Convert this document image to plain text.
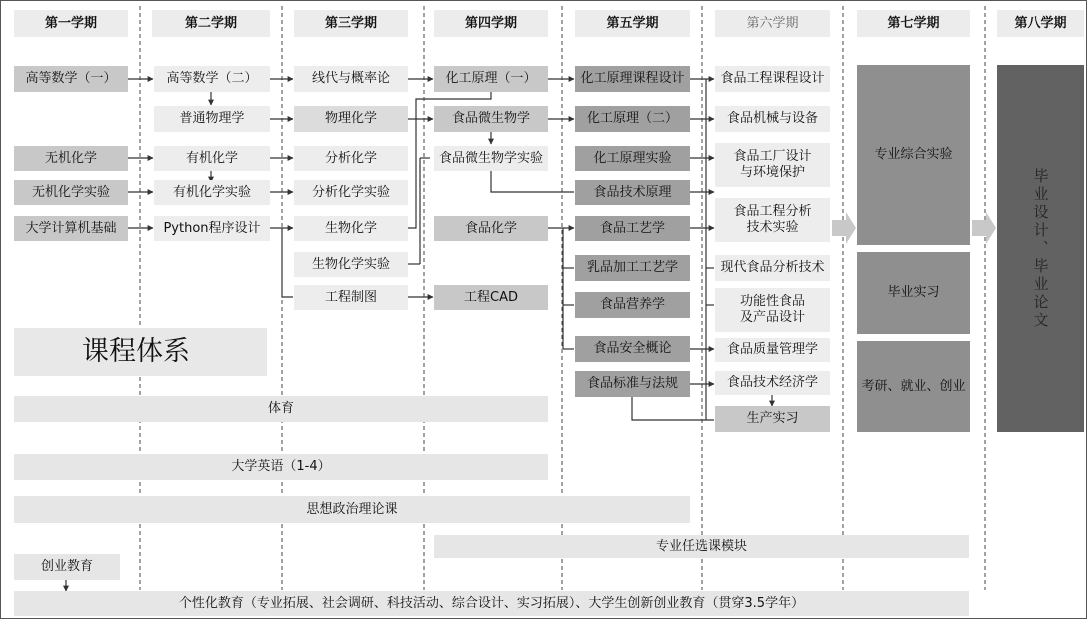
第一学期	第二学期	第三学期	第四学期	第五学期	第六学期	第七学期	第八学期
高等数学（一）
无机化学
无机化学实验
大学计算机基础
高等数学（二）
普通物理学
有机化学
有机化学实验
Python程序设计
线代与概率论
物理化学
分析化学
分析化学实验
生物化学
生物化学实验
工程制图
化工原理（一）
食品微生物学
食品微生物学实验
食品化学
工程CAD
化工原理课程设计
化工原理（二）
化工原理实验
食品技术原理
食品工艺学
乳品加工工艺学
食品营养学
食品安全概论
食品标准与法规
食品工程课程设计
食品机械与设备
食品工厂设计
与环境保护
食品工程分析
技术实验
现代食品分析技术
功能性食品
及产品设计
食品质量管理学
食品技术经济学
生产实习
专业综合实验
毕业实习
考研、就业、创业
毕业设计、毕业论文
课程体系
体育
大学英语（1-4）
思想政治理论课
专业任选课模块
创业教育
个性化教育（专业拓展、社会调研、科技活动、综合设计、实习拓展）、大学生创新创业教育（贯穿3.5学年）
